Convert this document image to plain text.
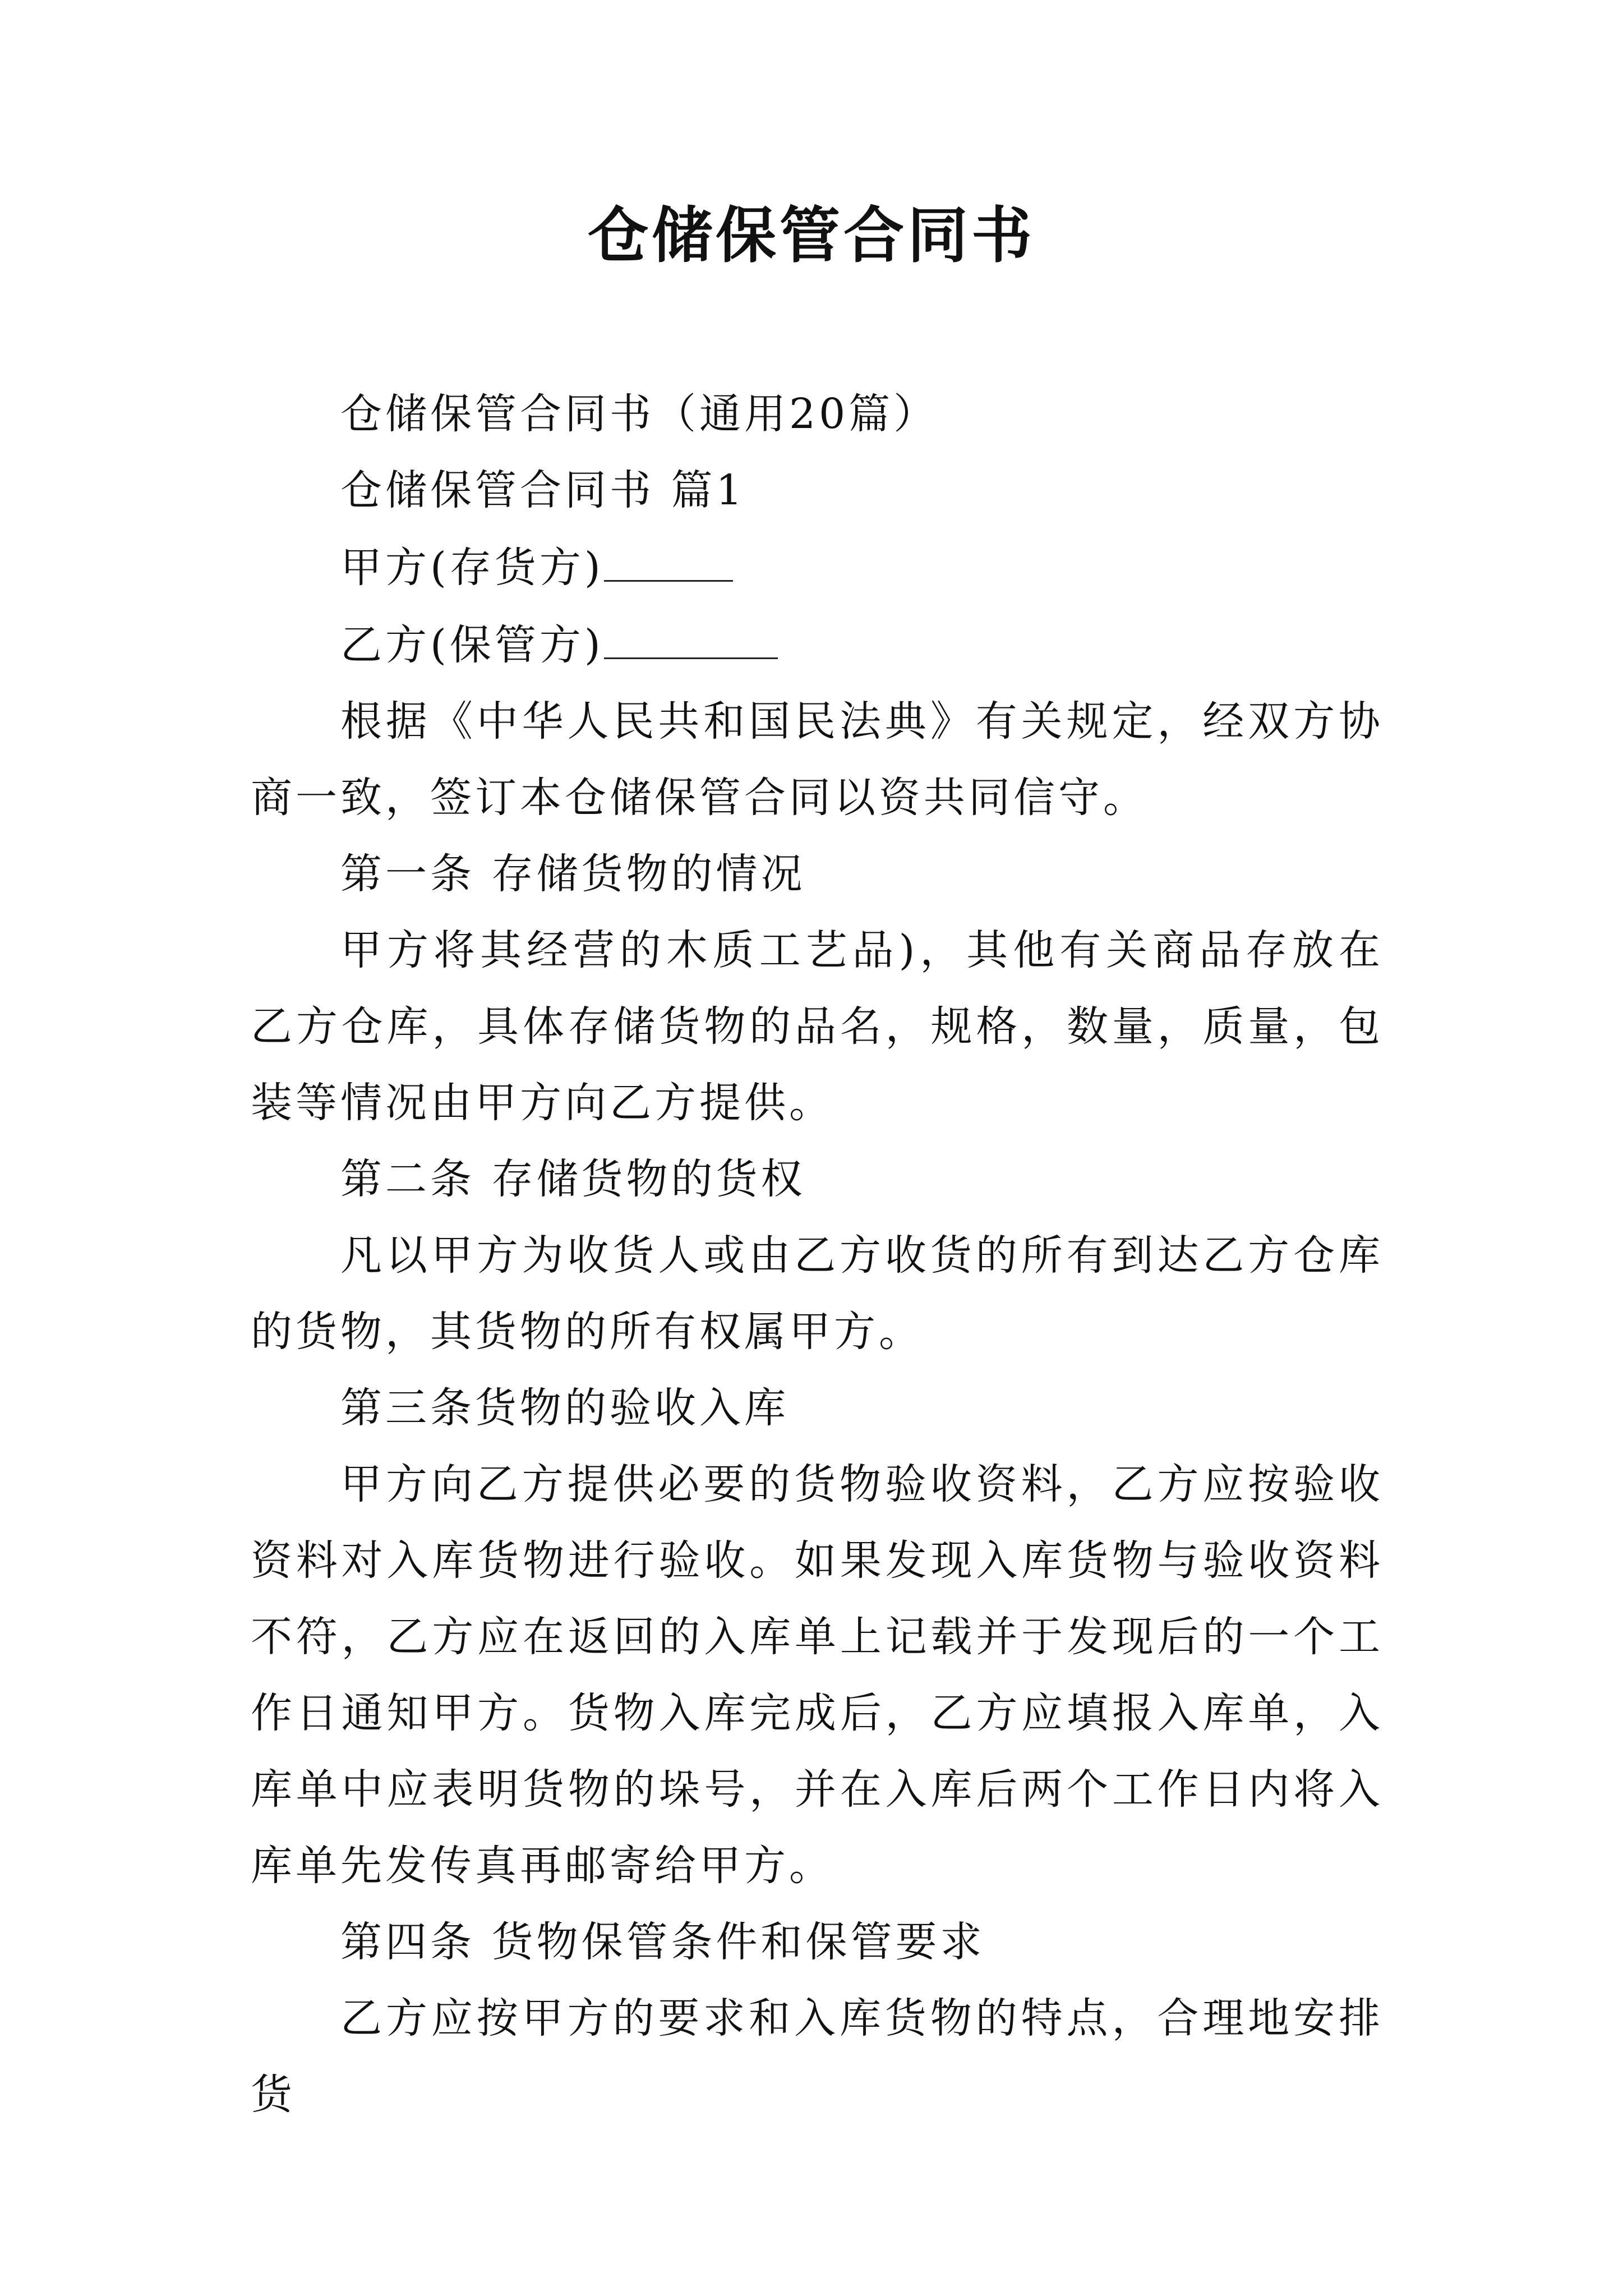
仓储保管合同书

仓储保管合同书（通用20篇）

仓储保管合同书 篇1

甲方(存货方)

乙方(保管方)

根据《中华人民共和国民法典》有关规定，经双方协商一致，签订本仓储保管合同以资共同信守。

第一条 存储货物的情况

甲方将其经营的木质工艺品)，其他有关商品存放在乙方仓库，具体存储货物的品名，规格，数量，质量，包装等情况由甲方向乙方提供。

第二条 存储货物的货权

凡以甲方为收货人或由乙方收货的所有到达乙方仓库的货物，其货物的所有权属甲方。

第三条货物的验收入库

甲方向乙方提供必要的货物验收资料，乙方应按验收资料对入库货物进行验收。如果发现入库货物与验收资料不符，乙方应在返回的入库单上记载并于发现后的一个工作日通知甲方。货物入库完成后，乙方应填报入库单，入库单中应表明货物的垛号，并在入库后两个工作日内将入库单先发传真再邮寄给甲方。

第四条 货物保管条件和保管要求

乙方应按甲方的要求和入库货物的特点，合理地安排货
